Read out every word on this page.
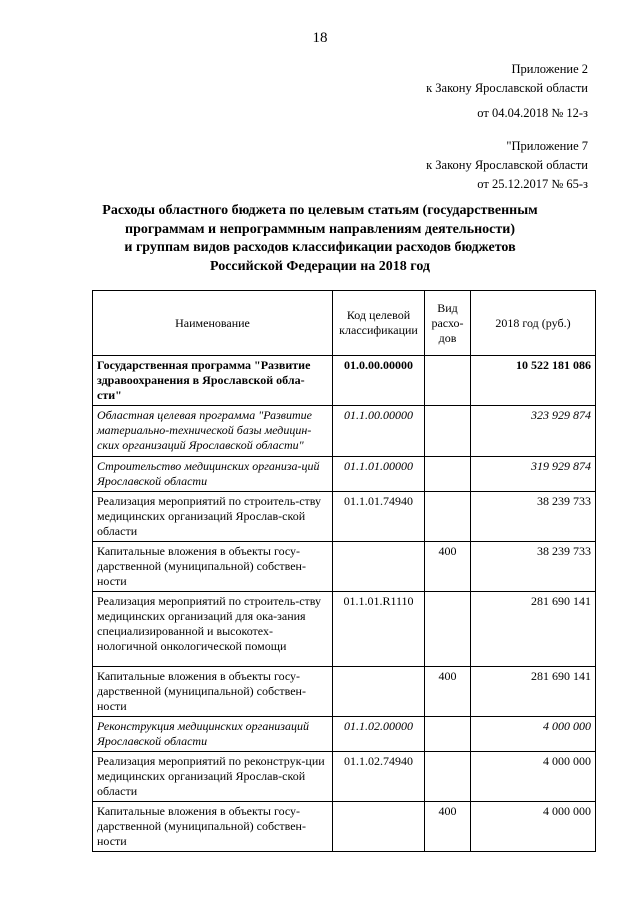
18
Приложение 2
к Закону Ярославской области
от 04.04.2018 № 12-з
"Приложение 7
к Закону Ярославской области
от 25.12.2017 № 65-з
Расходы областного бюджета по целевым статьям (государственным
программам и непрограммным направлениям деятельности)
и группам видов расходов классификации расходов бюджетов
Российской Федерации на 2018 год
Наименование	Код целевой классификации	Вид расхо-дов	2018 год (руб.)
Государственная программа "Развитие здравоохранения в Ярославской обла-сти"	01.0.00.00000		10 522 181 086
Областная целевая программа "Развитие материально-технической базы медицин-ских организаций Ярославской области"	01.1.00.00000		323 929 874
Строительство медицинских организа-ций Ярославской области	01.1.01.00000		319 929 874
Реализация мероприятий по строитель-ству медицинских организаций Ярослав-ской области	01.1.01.74940		38 239 733
Капитальные вложения в объекты госу-дарственной (муниципальной) собствен-ности		400	38 239 733
Реализация мероприятий по строитель-ству медицинских организаций для ока-зания специализированной и высокотех-нологичной онкологической помощи	01.1.01.R1110		281 690 141
Капитальные вложения в объекты госу-дарственной (муниципальной) собствен-ности		400	281 690 141
Реконструкция медицинских организаций Ярославской области	01.1.02.00000		4 000 000
Реализация мероприятий по реконструк-ции медицинских организаций Ярослав-ской области	01.1.02.74940		4 000 000
Капитальные вложения в объекты госу-дарственной (муниципальной) собствен-ности		400	4 000 000
